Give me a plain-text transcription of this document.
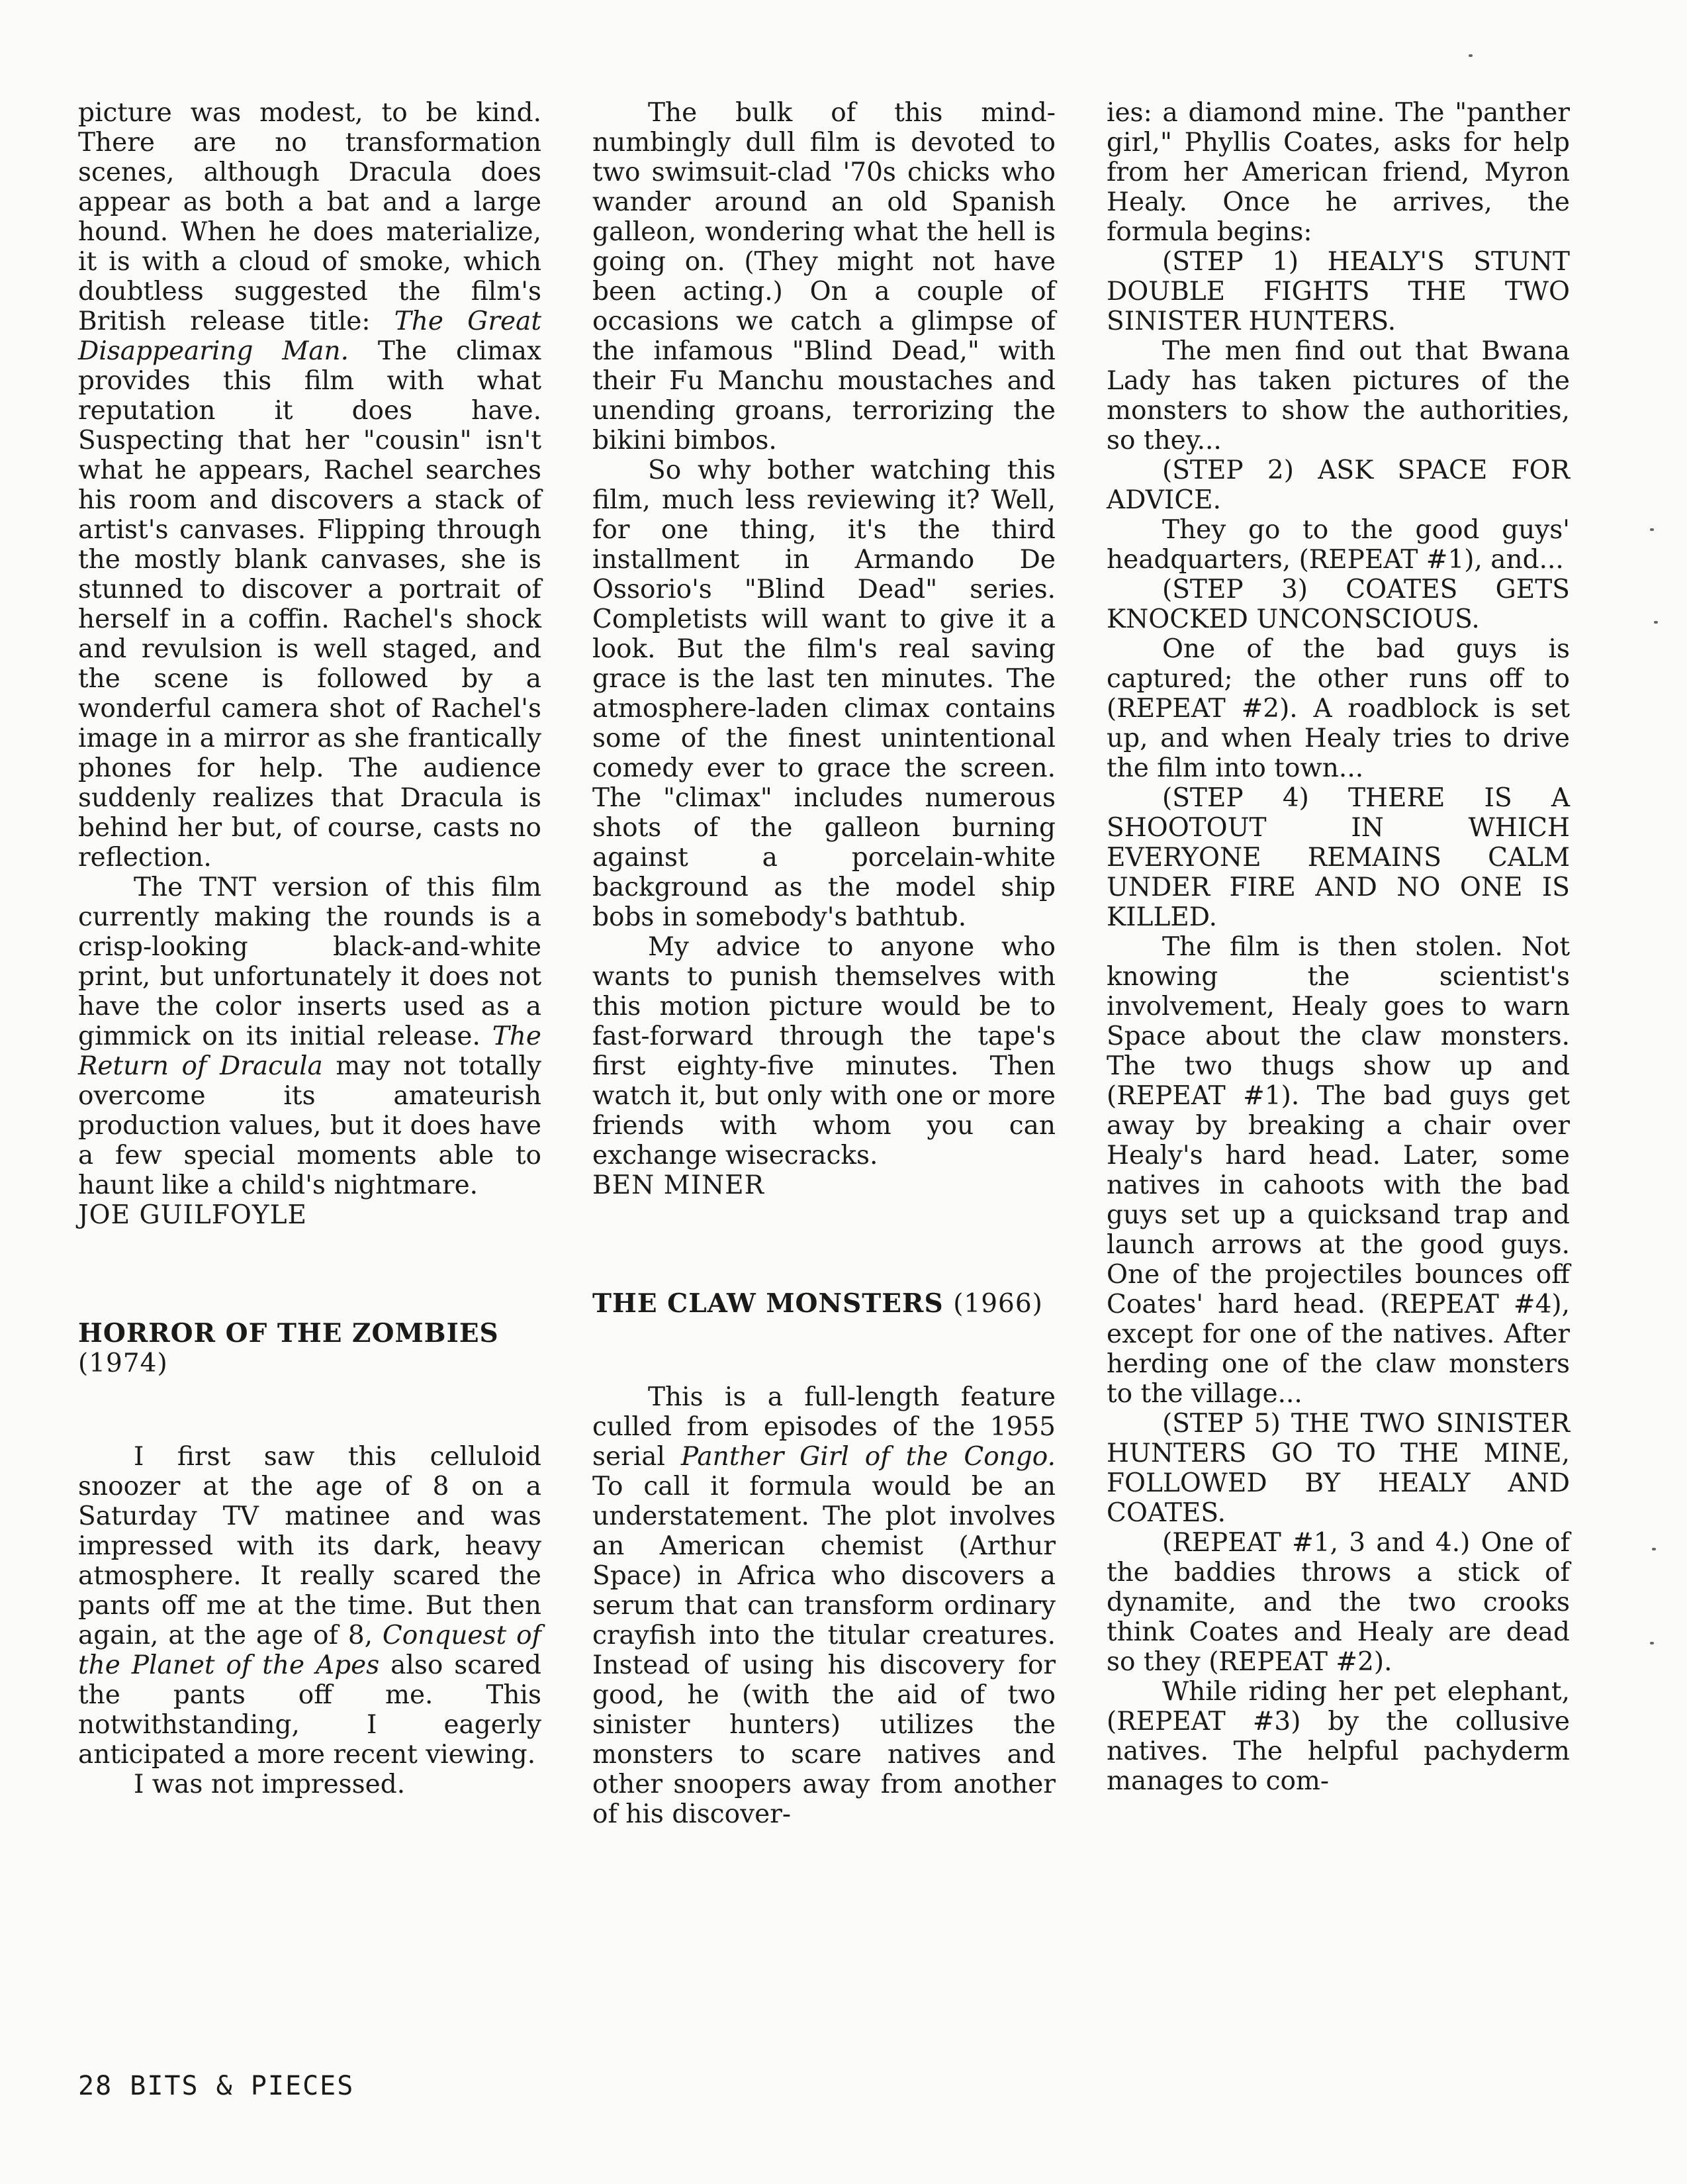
picture was modest, to be kind. There are no transformation scenes, although Dracula does appear as both a bat and a large hound. When he does materialize, it is with a cloud of smoke, which doubtless suggested the film's British release title: The Great Disappearing Man. The climax provides this film with what reputation it does have. Suspecting that her "cousin" isn't what he appears, Rachel searches his room and discovers a stack of artist's canvases. Flipping through the mostly blank canvases, she is stunned to discover a portrait of herself in a coffin. Rachel's shock and revulsion is well staged, and the scene is followed by a wonderful camera shot of Rachel's image in a mirror as she frantically phones for help. The audience suddenly realizes that Dracula is behind her but, of course, casts no reflection.

The TNT version of this film currently making the rounds is a crisp-looking black-and-white print, but unfortunately it does not have the color inserts used as a gimmick on its initial release. The Return of Dracula may not totally overcome its amateurish production values, but it does have a few special moments able to haunt like a child's nightmare.

JOE GUILFOYLE

HORROR OF THE ZOMBIES
(1974)

I first saw this celluloid snoozer at the age of 8 on a Saturday TV matinee and was impressed with its dark, heavy atmosphere. It really scared the pants off me at the time. But then again, at the age of 8, Conquest of the Planet of the Apes also scared the pants off me. This notwithstanding, I eagerly anticipated a more recent viewing.

I was not impressed.

The bulk of this mind-numbingly dull film is devoted to two swimsuit-clad '70s chicks who wander around an old Spanish galleon, wondering what the hell is going on. (They might not have been acting.) On a couple of occasions we catch a glimpse of the infamous "Blind Dead," with their Fu Manchu moustaches and unending groans, terrorizing the bikini bimbos.

So why bother watching this film, much less reviewing it? Well, for one thing, it's the third installment in Armando De Ossorio's "Blind Dead" series. Completists will want to give it a look. But the film's real saving grace is the last ten minutes. The atmosphere-laden climax contains some of the finest unintentional comedy ever to grace the screen. The "climax" includes numerous shots of the galleon burning against a porcelain-white background as the model ship bobs in somebody's bathtub.

My advice to anyone who wants to punish themselves with this motion picture would be to fast-forward through the tape's first eighty-five minutes. Then watch it, but only with one or more friends with whom you can exchange wisecracks.

BEN MINER

THE CLAW MONSTERS (1966)

This is a full-length feature culled from episodes of the 1955 serial Panther Girl of the Congo. To call it formula would be an understatement. The plot involves an American chemist (Arthur Space) in Africa who discovers a serum that can transform ordinary crayfish into the titular creatures. Instead of using his discovery for good, he (with the aid of two sinister hunters) utilizes the monsters to scare natives and other snoopers away from another of his discover-

ies: a diamond mine. The "panther girl," Phyllis Coates, asks for help from her American friend, Myron Healy. Once he arrives, the formula begins:

(STEP 1) HEALY'S STUNT DOUBLE FIGHTS THE TWO SINISTER HUNTERS.

The men find out that Bwana Lady has taken pictures of the monsters to show the authorities, so they...

(STEP 2) ASK SPACE FOR ADVICE.

They go to the good guys' headquarters, (REPEAT #1), and...

(STEP 3) COATES GETS KNOCKED UNCONSCIOUS.

One of the bad guys is captured; the other runs off to (REPEAT #2). A roadblock is set up, and when Healy tries to drive the film into town...

(STEP 4) THERE IS A SHOOTOUT IN WHICH EVERYONE REMAINS CALM UNDER FIRE AND NO ONE IS KILLED.

The film is then stolen. Not knowing the scientist's involvement, Healy goes to warn Space about the claw monsters. The two thugs show up and (REPEAT #1). The bad guys get away by breaking a chair over Healy's hard head. Later, some natives in cahoots with the bad guys set up a quicksand trap and launch arrows at the good guys. One of the projectiles bounces off Coates' hard head. (REPEAT #4), except for one of the natives. After herding one of the claw monsters to the village...

(STEP 5) THE TWO SINISTER HUNTERS GO TO THE MINE, FOLLOWED BY HEALY AND COATES.

(REPEAT #1, 3 and 4.) One of the baddies throws a stick of dynamite, and the two crooks think Coates and Healy are dead so they (REPEAT #2).

While riding her pet elephant, (REPEAT #3) by the collusive natives. The helpful pachyderm manages to com-

28 BITS & PIECES
